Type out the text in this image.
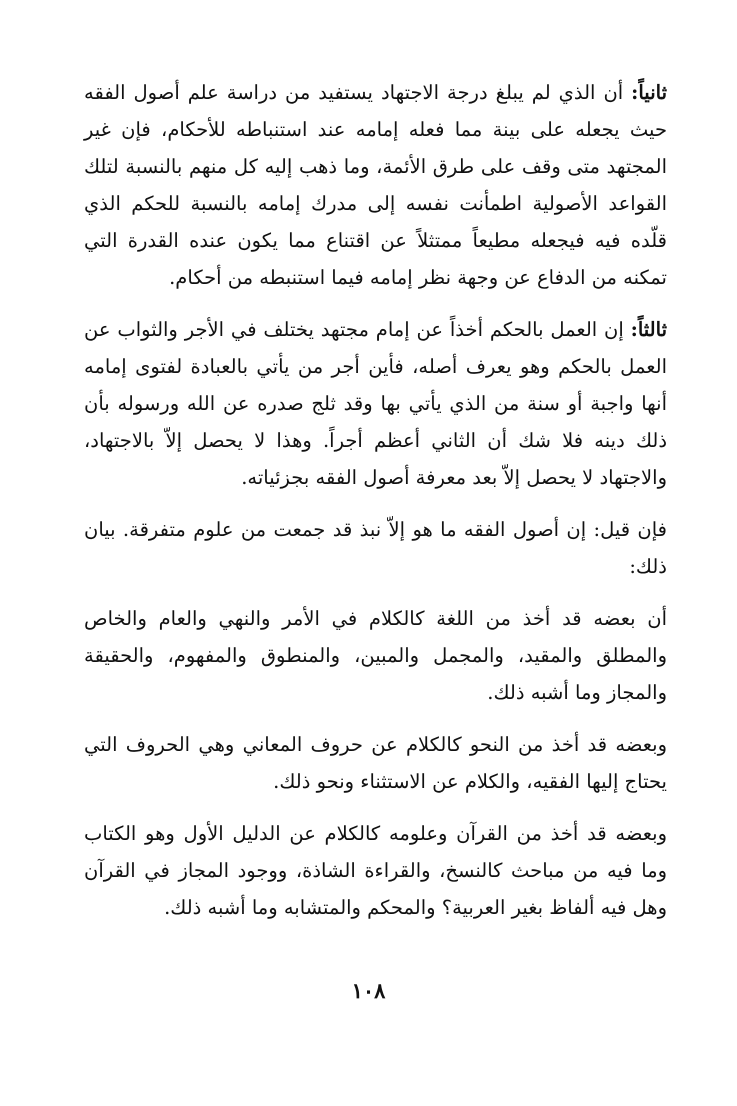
ثانياً: أن الذي لم يبلغ درجة الاجتهاد يستفيد من دراسة علم أصول الفقه حيث يجعله على بينة مما فعله إمامه عند استنباطه للأحكام، فإن غير المجتهد متى وقف على طرق الأئمة، وما ذهب إليه كل منهم بالنسبة لتلك القواعد الأصولية اطمأنت نفسه إلى مدرك إمامه بالنسبة للحكم الذي قلّده فيه فيجعله مطيعاً ممتثلاً عن اقتناع مما يكون عنده القدرة التي تمكنه من الدفاع عن وجهة نظر إمامه فيما استنبطه من أحكام.

ثالثاً: إن العمل بالحكم أخذاً عن إمام مجتهد يختلف في الأجر والثواب عن العمل بالحكم وهو يعرف أصله، فأين أجر من يأتي بالعبادة لفتوى إمامه أنها واجبة أو سنة من الذي يأتي بها وقد ثلج صدره عن الله ورسوله بأن ذلك دينه فلا شك أن الثاني أعظم أجراً. وهذا لا يحصل إلاّ بالاجتهاد، والاجتهاد لا يحصل إلاّ بعد معرفة أصول الفقه بجزئياته.

فإن قيل: إن أصول الفقه ما هو إلاّ نبذ قد جمعت من علوم متفرقة. بيان ذلك:

أن بعضه قد أخذ من اللغة كالكلام في الأمر والنهي والعام والخاص والمطلق والمقيد، والمجمل والمبين، والمنطوق والمفهوم، والحقيقة والمجاز وما أشبه ذلك.

وبعضه قد أخذ من النحو كالكلام عن حروف المعاني وهي الحروف التي يحتاج إليها الفقيه، والكلام عن الاستثناء ونحو ذلك.

وبعضه قد أخذ من القرآن وعلومه كالكلام عن الدليل الأول وهو الكتاب وما فيه من مباحث كالنسخ، والقراءة الشاذة، ووجود المجاز في القرآن وهل فيه ألفاظ بغير العربية؟ والمحكم والمتشابه وما أشبه ذلك.

١٠٨
